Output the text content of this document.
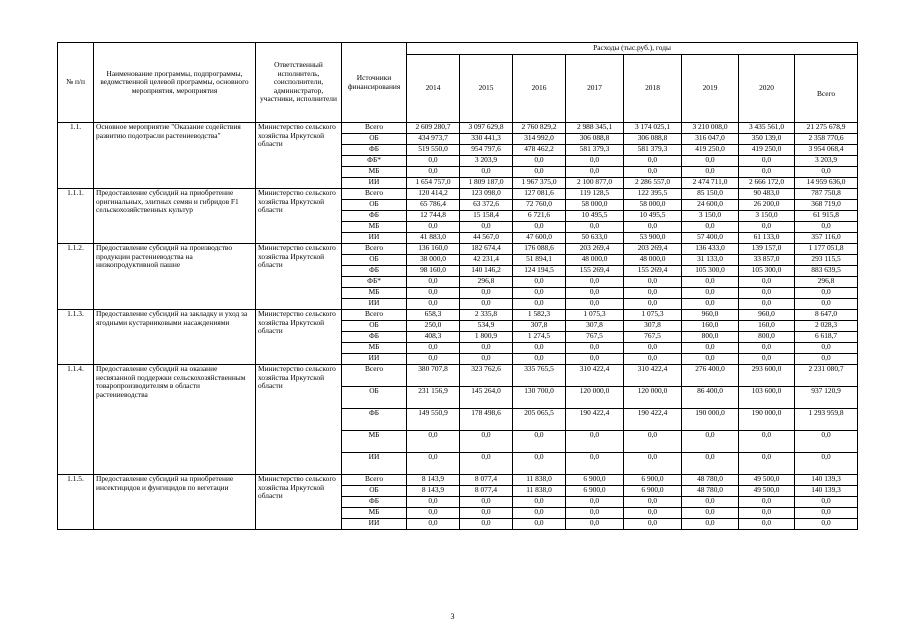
№ п/п	Наименование программы, подпрограммы, ведомственной целевой программы, основного мероприятия, мероприятия	Ответственный исполнитель, соисполнители, администратор, участники, исполнители	Источники финансирования	Расходы (тыс.руб.), годы							
				2014	2015	2016	2017	2018	2019	2020	Всего
1.1.	Основное мероприятие "Оказание содействия развитию подотрасли растениеводства"	Министерство сельского хозяйства Иркутской области	Всего	2 609 280,7	3 097 629,8	2 760 829,2	2 988 345,1	3 174 025,1	3 210 008,0	3 435 561,0	21 275 678,9
			ОБ	434 973,7	330 441,3	314 992,0	306 088,8	306 088,8	316 047,0	350 139,0	2 358 770,6
			ФБ	519 550,0	954 797,6	478 462,2	581 379,3	581 379,3	419 250,0	419 250,0	3 954 068,4
			ФБ*	0,0	3 203,9	0,0	0,0	0,0	0,0	0,0	3 203,9
			МБ	0,0	0,0	0,0	0,0	0,0	0,0	0,0	0,0
			ИИ	1 654 757,0	1 809 187,0	1 967 375,0	2 100 877,0	2 286 557,0	2 474 711,0	2 666 172,0	14 959 636,0
1.1.1.	Предоставление субсидий на приобретение оригинальных, элитных семян и гибридов F1 сельскохозяйственных культур	Министерство сельского хозяйства Иркутской области	Всего	120 414,2	123 098,0	127 081,6	119 128,5	122 395,5	85 150,0	90 483,0	787 750,8
			ОБ	65 786,4	63 372,6	72 760,0	58 000,0	58 000,0	24 600,0	26 200,0	368 719,0
			ФБ	12 744,8	15 158,4	6 721,6	10 495,5	10 495,5	3 150,0	3 150,0	61 915,8
			МБ	0,0	0,0	0,0	0,0	0,0	0,0	0,0	0,0
			ИИ	41 883,0	44 567,0	47 600,0	50 633,0	53 900,0	57 400,0	61 133,0	357 116,0
1.1.2.	Предоставление субсидий на производство продукции растениеводства на низкопродуктивной пашне	Министерство сельского хозяйства Иркутской области	Всего	136 160,0	182 674,4	176 088,6	203 269,4	203 269,4	136 433,0	139 157,0	1 177 051,8
			ОБ	38 000,0	42 231,4	51 894,1	48 000,0	48 000,0	31 133,0	33 857,0	293 115,5
			ФБ	98 160,0	140 146,2	124 194,5	155 269,4	155 269,4	105 300,0	105 300,0	883 639,5
			ФБ*	0,0	296,8	0,0	0,0	0,0	0,0	0,0	296,8
			МБ	0,0	0,0	0,0	0,0	0,0	0,0	0,0	0,0
			ИИ	0,0	0,0	0,0	0,0	0,0	0,0	0,0	0,0
1.1.3.	Предоставление субсидий на закладку и уход за ягодными кустарниковыми насаждениями	Министерство сельского хозяйства Иркутской области	Всего	658,3	2 335,8	1 582,3	1 075,3	1 075,3	960,0	960,0	8 647,0
			ОБ	250,0	534,9	307,8	307,8	307,8	160,0	160,0	2 028,3
			ФБ	408,3	1 800,9	1 274,5	767,5	767,5	800,0	800,0	6 618,7
			МБ	0,0	0,0	0,0	0,0	0,0	0,0	0,0	0,0
			ИИ	0,0	0,0	0,0	0,0	0,0	0,0	0,0	0,0
1.1.4.	Предоставление субсидий на оказание несвязанной поддержки сельскохозяйственным товаропроизводителям в области растениеводства	Министерство сельского хозяйства Иркутской области	Всего	380 707,8	323 762,6	335 765,5	310 422,4	310 422,4	276 400,0	293 600,0	2 231 080,7
			ОБ	231 156,9	145 264,0	130 700,0	120 000,0	120 000,0	86 400,0	103 600,0	937 120,9
			ФБ	149 550,9	178 498,6	205 065,5	190 422,4	190 422,4	190 000,0	190 000,0	1 293 959,8
			МБ	0,0	0,0	0,0	0,0	0,0	0,0	0,0	0,0
			ИИ	0,0	0,0	0,0	0,0	0,0	0,0	0,0	0,0
1.1.5.	Предоставление субсидий на приобретение инсектицидов и фунгицидов по вегетации	Министерство сельского хозяйства Иркутской области	Всего	8 143,9	8 077,4	11 838,0	6 900,0	6 900,0	48 780,0	49 500,0	140 139,3
			ОБ	8 143,9	8 077,4	11 838,0	6 900,0	6 900,0	48 780,0	49 500,0	140 139,3
			ФБ	0,0	0,0	0,0	0,0	0,0	0,0	0,0	0,0
			МБ	0,0	0,0	0,0	0,0	0,0	0,0	0,0	0,0
			ИИ	0,0	0,0	0,0	0,0	0,0	0,0	0,0	0,0
3
